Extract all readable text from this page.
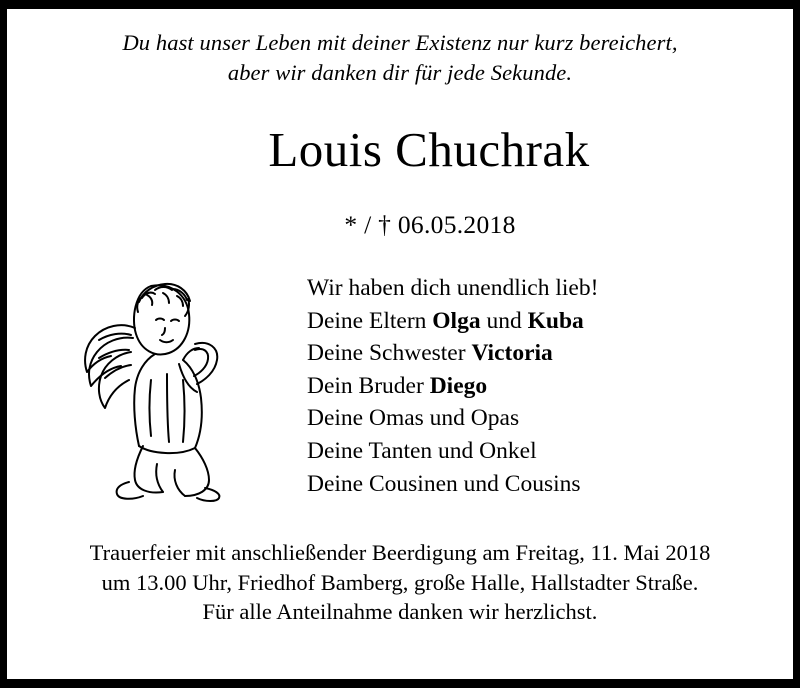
Du hast unser Leben mit deiner Existenz nur kurz bereichert,
aber wir danken dir für jede Sekunde.
Louis Chuchrak
* / † 06.05.2018
Wir haben dich unendlich lieb!
Deine Eltern Olga und Kuba
Deine Schwester Victoria
Dein Bruder Diego
Deine Omas und Opas
Deine Tanten und Onkel
Deine Cousinen und Cousins
Trauerfeier mit anschließender Beerdigung am Freitag, 11. Mai 2018
um 13.00 Uhr, Friedhof Bamberg, große Halle, Hallstadter Straße.
Für alle Anteilnahme danken wir herzlichst.
